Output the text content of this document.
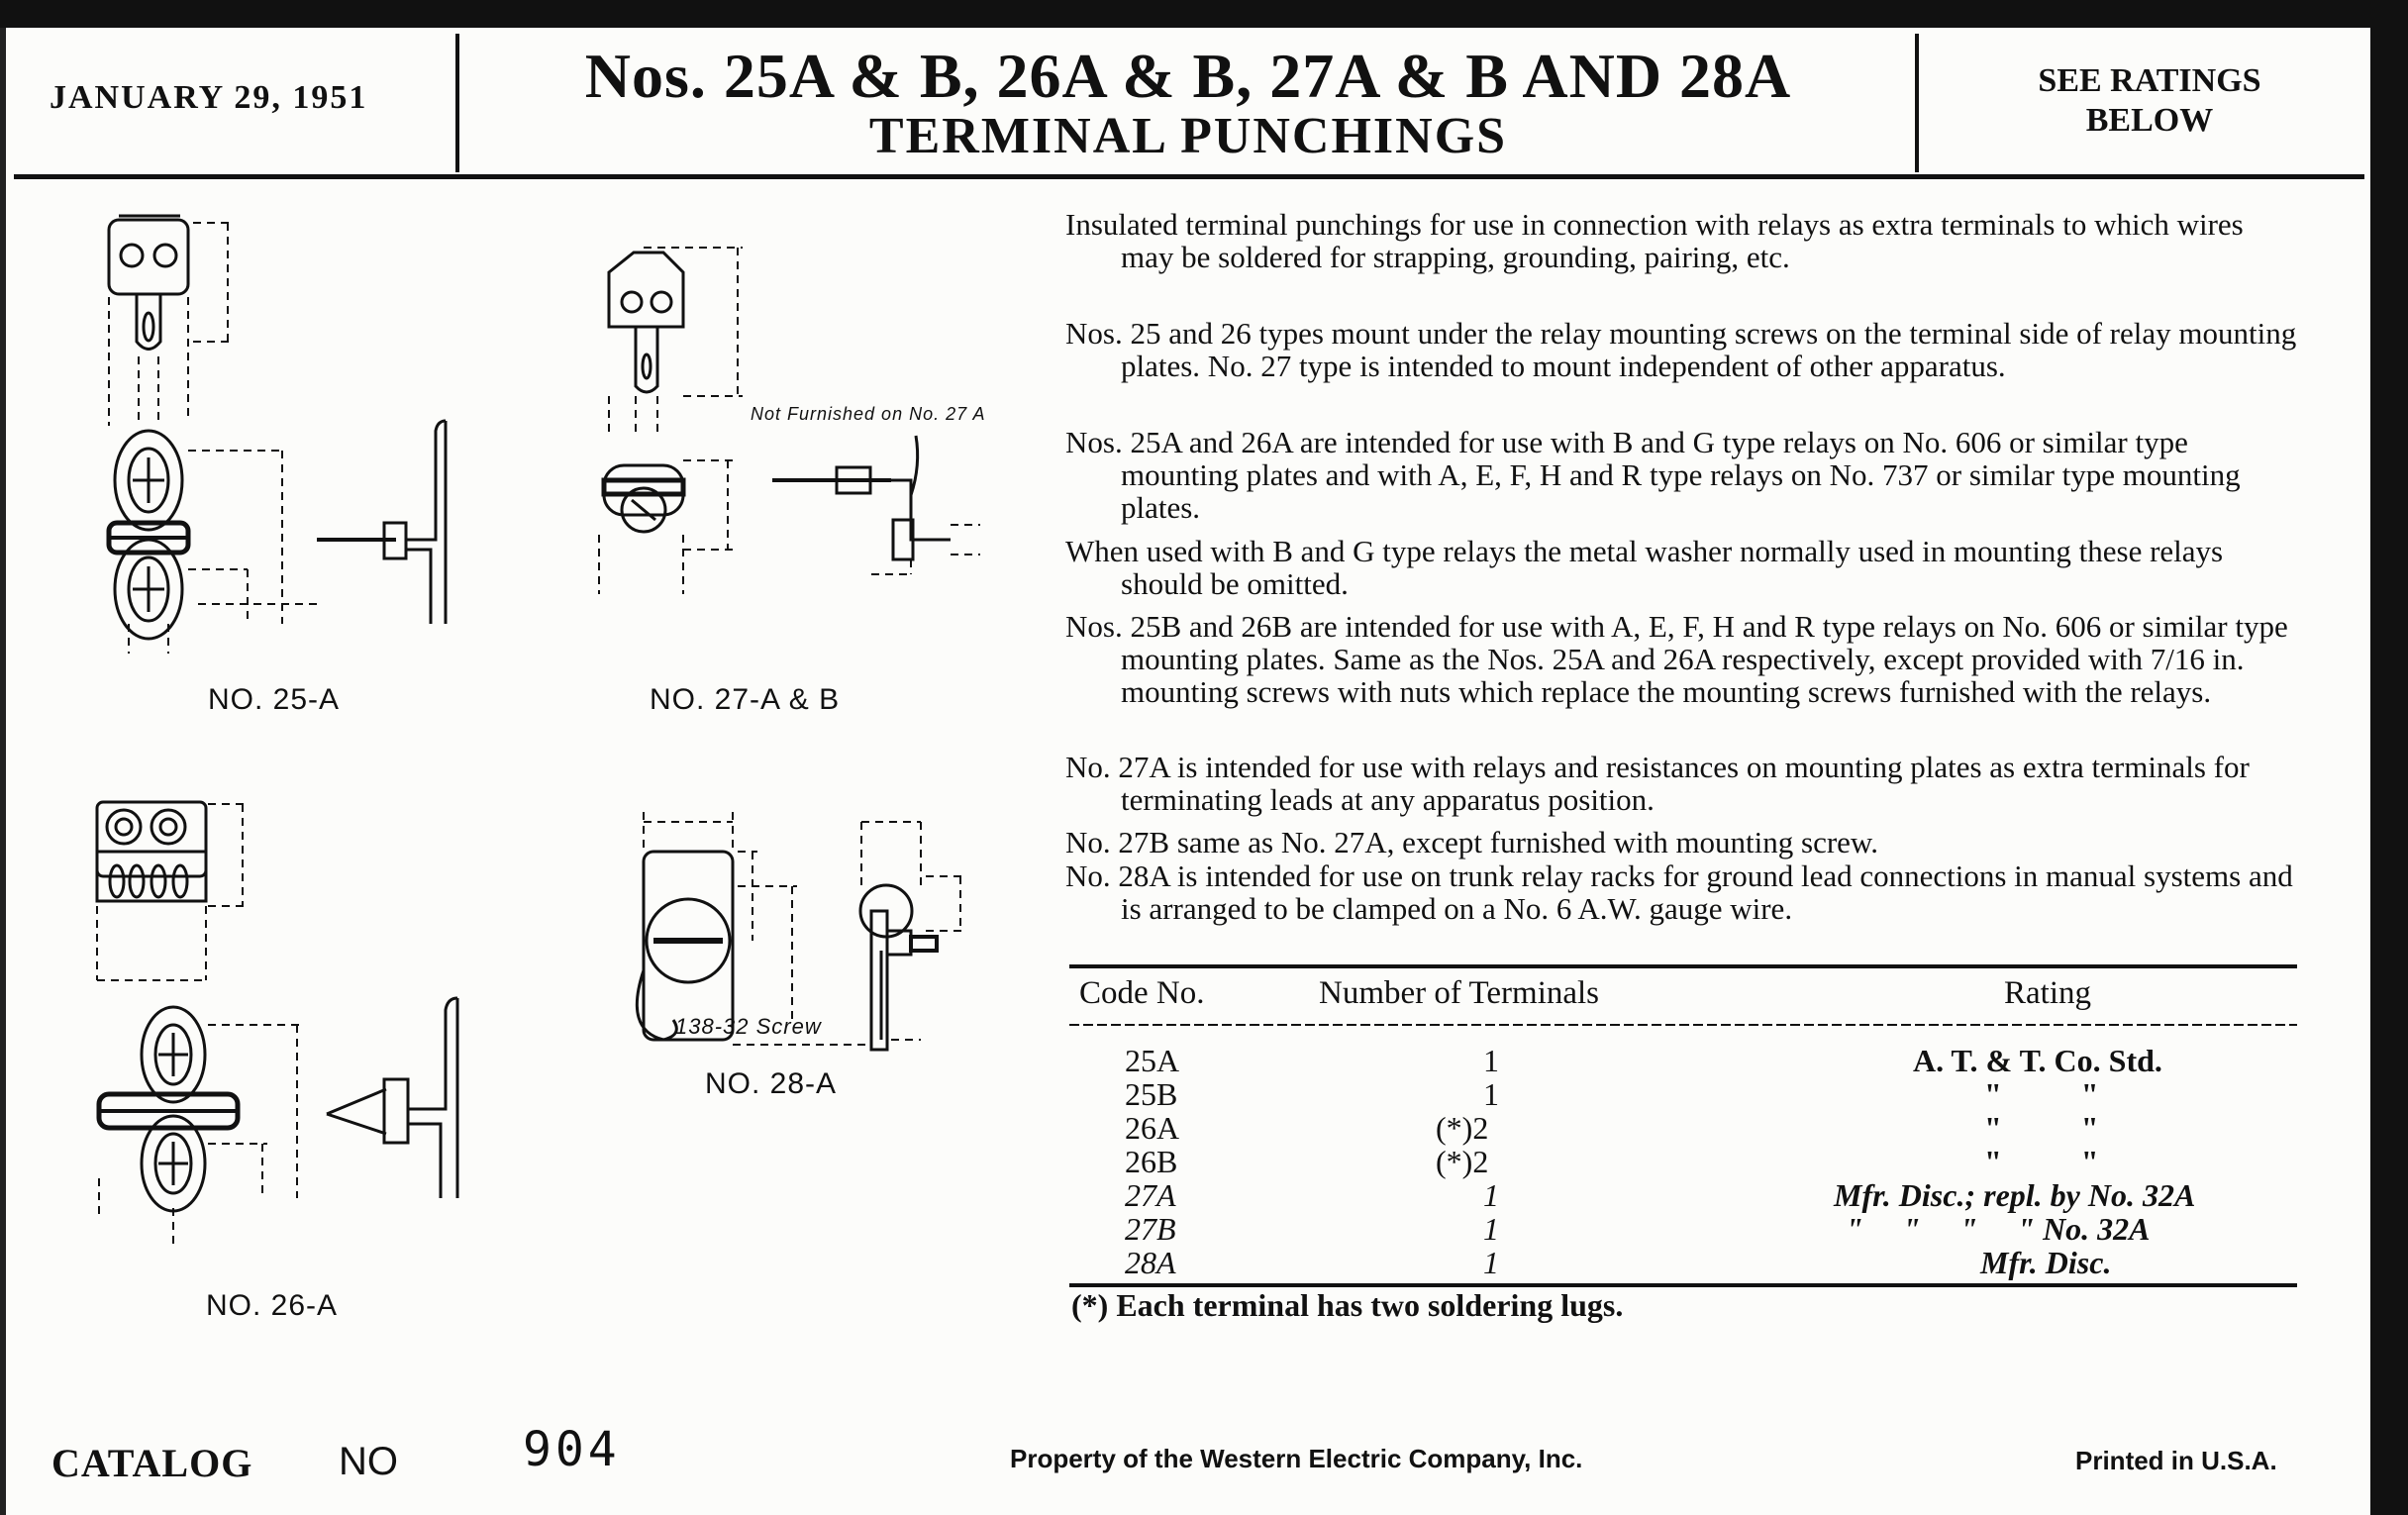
JANUARY 29, 1951	Nos. 25A & B, 26A & B, 27A & B AND 28A
TERMINAL PUNCHINGS
SEE RATINGS
BELOW
NO. 25-A
Not Furnished on No. 27 A
NO. 27-A & B
NO. 26-A
138-32 Screw
NO. 28-A
Insulated terminal punchings for use in connection with relays as extra terminals to which wires may be soldered for strapping, grounding, pairing, etc.
Nos. 25 and 26 types mount under the relay mounting screws on the terminal side of relay mounting plates. No. 27 type is intended to mount independent of other apparatus.
Nos. 25A and 26A are intended for use with B and G type relays on No. 606 or similar type mounting plates and with A, E, F, H and R type relays on No. 737 or similar type mounting plates.
When used with B and G type relays the metal washer normally used in mounting these relays should be omitted.
Nos. 25B and 26B are intended for use with A, E, F, H and R type relays on No. 606 or similar type mounting plates. Same as the Nos. 25A and 26A respectively, except provided with 7/16 in. mounting screws with nuts which replace the mounting screws furnished with the relays.
No. 27A is intended for use with relays and resistances on mounting plates as extra terminals for terminating leads at any apparatus position.
No. 27B same as No. 27A, except furnished with mounting screw.
No. 28A is intended for use on trunk relay racks for ground lead connections in manual systems and is arranged to be clamped on a No. 6 A.W. gauge wire.
Code No.	Number of Terminals	Rating
25A	1	A. T. & T. Co. Std.
25B	1	"          "
26A	(*)2	"          "
26B	(*)2	"          "
27A	1	Mfr. Disc.; repl. by No. 32A
27B	1	"     "     "     " No. 32A
28A	1	Mfr. Disc.
(*) Each terminal has two soldering lugs.
CATALOG NO	904	Property of the Western Electric Company, Inc.	Printed in U.S.A.
